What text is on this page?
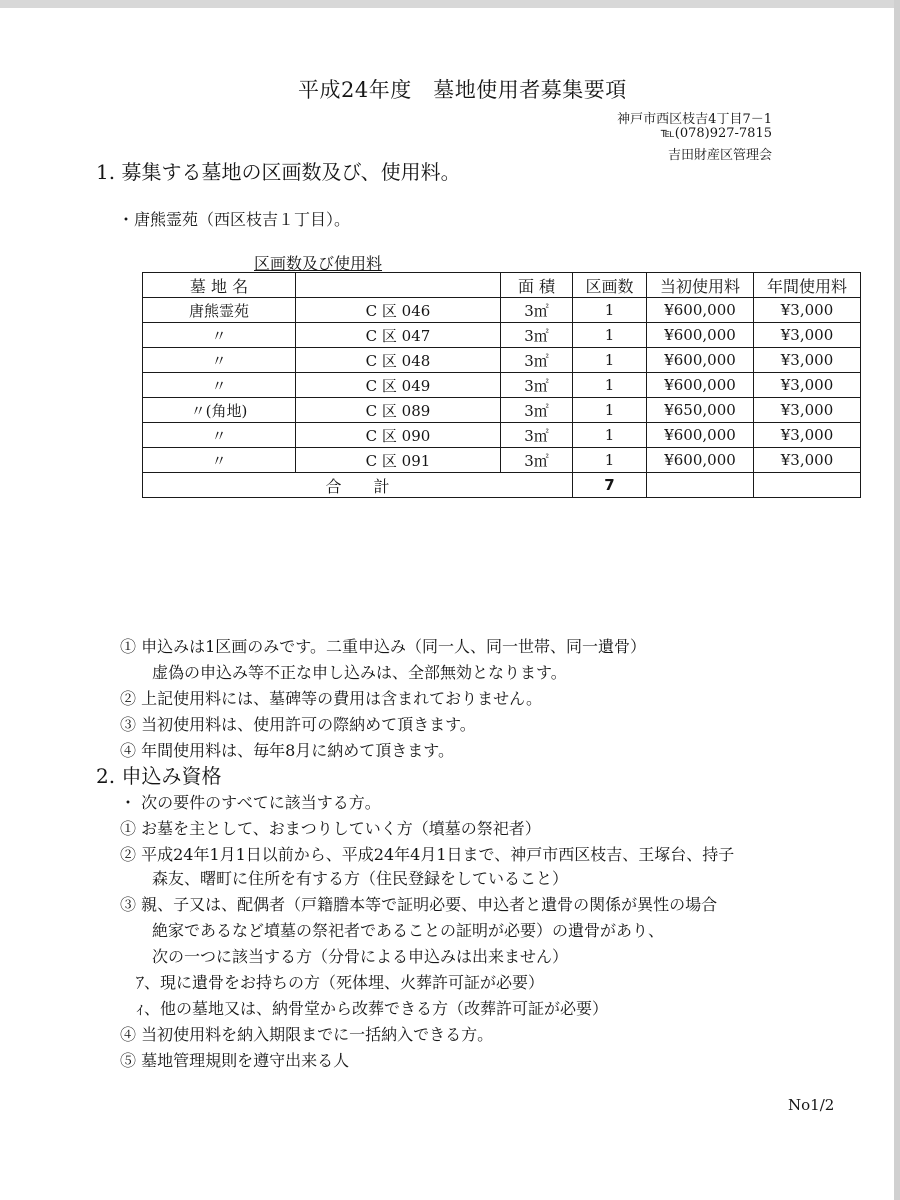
平成24年度　墓地使用者募集要項
神戸市西区枝吉4丁目7－1
℡(078)927-7815
吉田財産区管理会
1. 募集する墓地の区画数及び、使用料。
・唐熊霊苑（西区枝吉１丁目）。
区画数及び使用料
墓 地 名		面 積	区画数	当初使用料	年間使用料
唐熊霊苑	C 区 046	3㎡	1	¥600,000	¥3,000
〃	C 区 047	3㎡	1	¥600,000	¥3,000
〃	C 区 048	3㎡	1	¥600,000	¥3,000
〃	C 区 049	3㎡	1	¥600,000	¥3,000
〃(角地)	C 区 089	3㎡	1	¥650,000	¥3,000
〃	C 区 090	3㎡	1	¥600,000	¥3,000
〃	C 区 091	3㎡	1	¥600,000	¥3,000
合　　計			7		
① 申込みは1区画のみです。二重申込み（同一人、同一世帯、同一遺骨）
　　虚偽の申込み等不正な申し込みは、全部無効となります。
② 上記使用料には、墓碑等の費用は含まれておりません。
③ 当初使用料は、使用許可の際納めて頂きます。
④ 年間使用料は、毎年8月に納めて頂きます。
2. 申込み資格
・ 次の要件のすべてに該当する方。
① お墓を主として、おまつりしていく方（墳墓の祭祀者）
② 平成24年1月1日以前から、平成24年4月1日まで、神戸市西区枝吉、王塚台、持子
　　森友、曙町に住所を有する方（住民登録をしていること）
③ 親、子又は、配偶者（戸籍謄本等で証明必要、申込者と遺骨の関係が異性の場合
　　絶家であるなど墳墓の祭祀者であることの証明が必要）の遺骨があり、
　　次の一つに該当する方（分骨による申込みは出来ません）
　ｱ、現に遺骨をお持ちの方（死体埋、火葬許可証が必要）
　ｨ、他の墓地又は、納骨堂から改葬できる方（改葬許可証が必要）
④ 当初使用料を納入期限までに一括納入できる方。
⑤ 墓地管理規則を遵守出来る人
No1/2
